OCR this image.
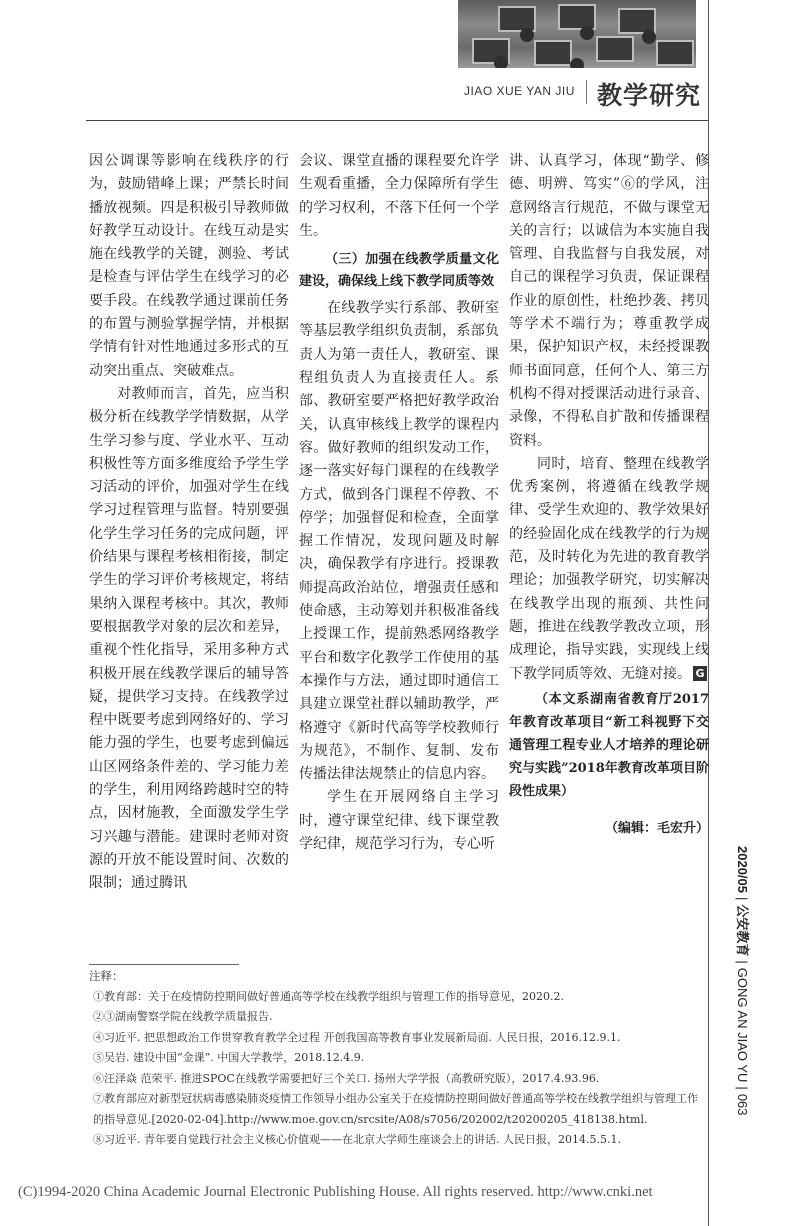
JIAO XUE YAN JIU 教学研究

因公调课等影响在线秩序的行为，鼓励错峰上课；严禁长时间播放视频。四是积极引导教师做好教学互动设计。在线互动是实施在线教学的关键，测验、考试是检查与评估学生在线学习的必要手段。在线教学通过课前任务的布置与测验掌握学情，并根据学情有针对性地通过多形式的互动突出重点、突破难点。

对教师而言，首先，应当积极分析在线教学学情数据，从学生学习参与度、学业水平、互动积极性等方面多维度给予学生学习活动的评价，加强对学生在线学习过程管理与监督。特别要强化学生学习任务的完成问题，评价结果与课程考核相衔接，制定学生的学习评价考核规定，将结果纳入课程考核中。其次，教师要根据教学对象的层次和差异，重视个性化指导，采用多种方式积极开展在线教学课后的辅导答疑，提供学习支持。在线教学过程中既要考虑到网络好的、学习能力强的学生，也要考虑到偏远山区网络条件差的、学习能力差的学生，利用网络跨越时空的特点，因材施教，全面激发学生学习兴趣与潜能。建课时老师对资源的开放不能设置时间、次数的限制；通过腾讯

会议、课堂直播的课程要允许学生观看重播，全力保障所有学生的学习权利，不落下任何一个学生。

（三）加强在线教学质量文化建设，确保线上线下教学同质等效

在线教学实行系部、教研室等基层教学组织负责制，系部负责人为第一责任人，教研室、课程组负责人为直接责任人。系部、教研室要严格把好教学政治关，认真审核线上教学的课程内容。做好教师的组织发动工作，逐一落实好每门课程的在线教学方式，做到各门课程不停教、不停学；加强督促和检查，全面掌握工作情况，发现问题及时解决，确保教学有序进行。授课教师提高政治站位，增强责任感和使命感，主动筹划并积极准备线上授课工作，提前熟悉网络教学平台和数字化教学工作使用的基本操作与方法，通过即时通信工具建立课堂社群以辅助教学，严格遵守《新时代高等学校教师行为规范》，不制作、复制、发布传播法律法规禁止的信息内容。

学生在开展网络自主学习时，遵守课堂纪律、线下课堂教学纪律，规范学习行为，专心听

讲、认真学习，体现“勤学、修德、明辨、笃实”⑥的学风，注意网络言行规范，不做与课堂无关的言行；以诚信为本实施自我管理、自我监督与自我发展，对自己的课程学习负责，保证课程作业的原创性，杜绝抄袭、拷贝等学术不端行为；尊重教学成果，保护知识产权，未经授课教师书面同意，任何个人、第三方机构不得对授课活动进行录音、录像，不得私自扩散和传播课程资料。

同时，培育、整理在线教学优秀案例，将遵循在线教学规律、受学生欢迎的、教学效果好的经验固化成在线教学的行为规范，及时转化为先进的教育教学理论；加强教学研究，切实解决在线教学出现的瓶颈、共性问题，推进在线教学教改立项，形成理论，指导实践，实现线上线下教学同质等效、无缝对接。 G

（本文系湖南省教育厅2017年教育改革项目“新工科视野下交通管理工程专业人才培养的理论研究与实践”2018年教育改革项目阶段性成果）

（编辑：毛宏升）

2020/05|公安教育|GONG AN JIAO YU|063

注释：

①教育部：关于在疫情防控期间做好普通高等学校在线教学组织与管理工作的指导意见，2020.2.

②③湖南警察学院在线教学质量报告.

④习近平. 把思想政治工作贯穿教育教学全过程 开创我国高等教育事业发展新局面. 人民日报，2016.12.9.1.

⑤吴岩. 建设中国“金课”. 中国大学教学，2018.12.4.9.

⑥汪泽焱 范荣平. 推进SPOC在线教学需要把好三个关口. 扬州大学学报（高教研究版），2017.4.93.96.

⑦教育部应对新型冠状病毒感染肺炎疫情工作领导小组办公室关于在疫情防控期间做好普通高等学校在线教学组织与管理工作的指导意见.[2020-02-04].http://www.moe.gov.cn/srcsite/A08/s7056/202002/t20200205_418138.html.

⑧习近平. 青年要自觉践行社会主义核心价值观——在北京大学师生座谈会上的讲话. 人民日报，2014.5.5.1.

(C)1994-2020 China Academic Journal Electronic Publishing House. All rights reserved. http://www.cnki.net
